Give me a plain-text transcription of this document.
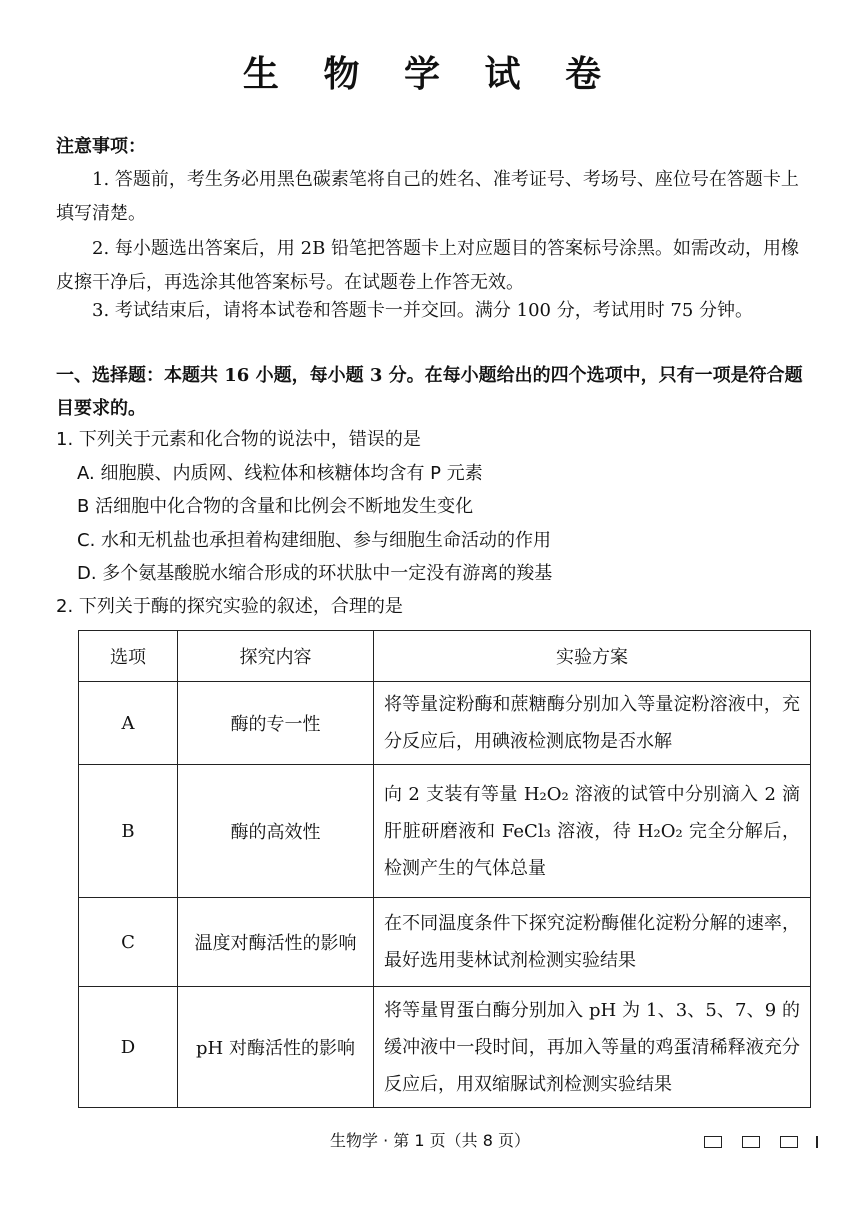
生 物 学 试 卷
注意事项：
1. 答题前，考生务必用黑色碳素笔将自己的姓名、准考证号、考场号、座位号在答题卡上填写清楚。
2. 每小题选出答案后，用 2B 铅笔把答题卡上对应题目的答案标号涂黑。如需改动，用橡皮擦干净后，再选涂其他答案标号。在试题卷上作答无效。
3. 考试结束后，请将本试卷和答题卡一并交回。满分 100 分，考试用时 75 分钟。
一、选择题：本题共 16 小题，每小题 3 分。在每小题给出的四个选项中，只有一项是符合题目要求的。
1. 下列关于元素和化合物的说法中，错误的是
A. 细胞膜、内质网、线粒体和核糖体均含有 P 元素
B 活细胞中化合物的含量和比例会不断地发生变化
C. 水和无机盐也承担着构建细胞、参与细胞生命活动的作用
D. 多个氨基酸脱水缩合形成的环状肽中一定没有游离的羧基
2. 下列关于酶的探究实验的叙述，合理的是
选项	探究内容	实验方案
A	酶的专一性	将等量淀粉酶和蔗糖酶分别加入等量淀粉溶液中，充分反应后，用碘液检测底物是否水解
B	酶的高效性	向 2 支装有等量 H₂O₂ 溶液的试管中分别滴入 2 滴肝脏研磨液和 FeCl₃ 溶液，待 H₂O₂ 完全分解后，检测产生的气体总量
C	温度对酶活性的影响	在不同温度条件下探究淀粉酶催化淀粉分解的速率，最好选用斐林试剂检测实验结果
D	pH 对酶活性的影响	将等量胃蛋白酶分别加入 pH 为 1、3、5、7、9 的缓冲液中一段时间，再加入等量的鸡蛋清稀释液充分反应后，用双缩脲试剂检测实验结果
生物学 · 第 1 页（共 8 页）
